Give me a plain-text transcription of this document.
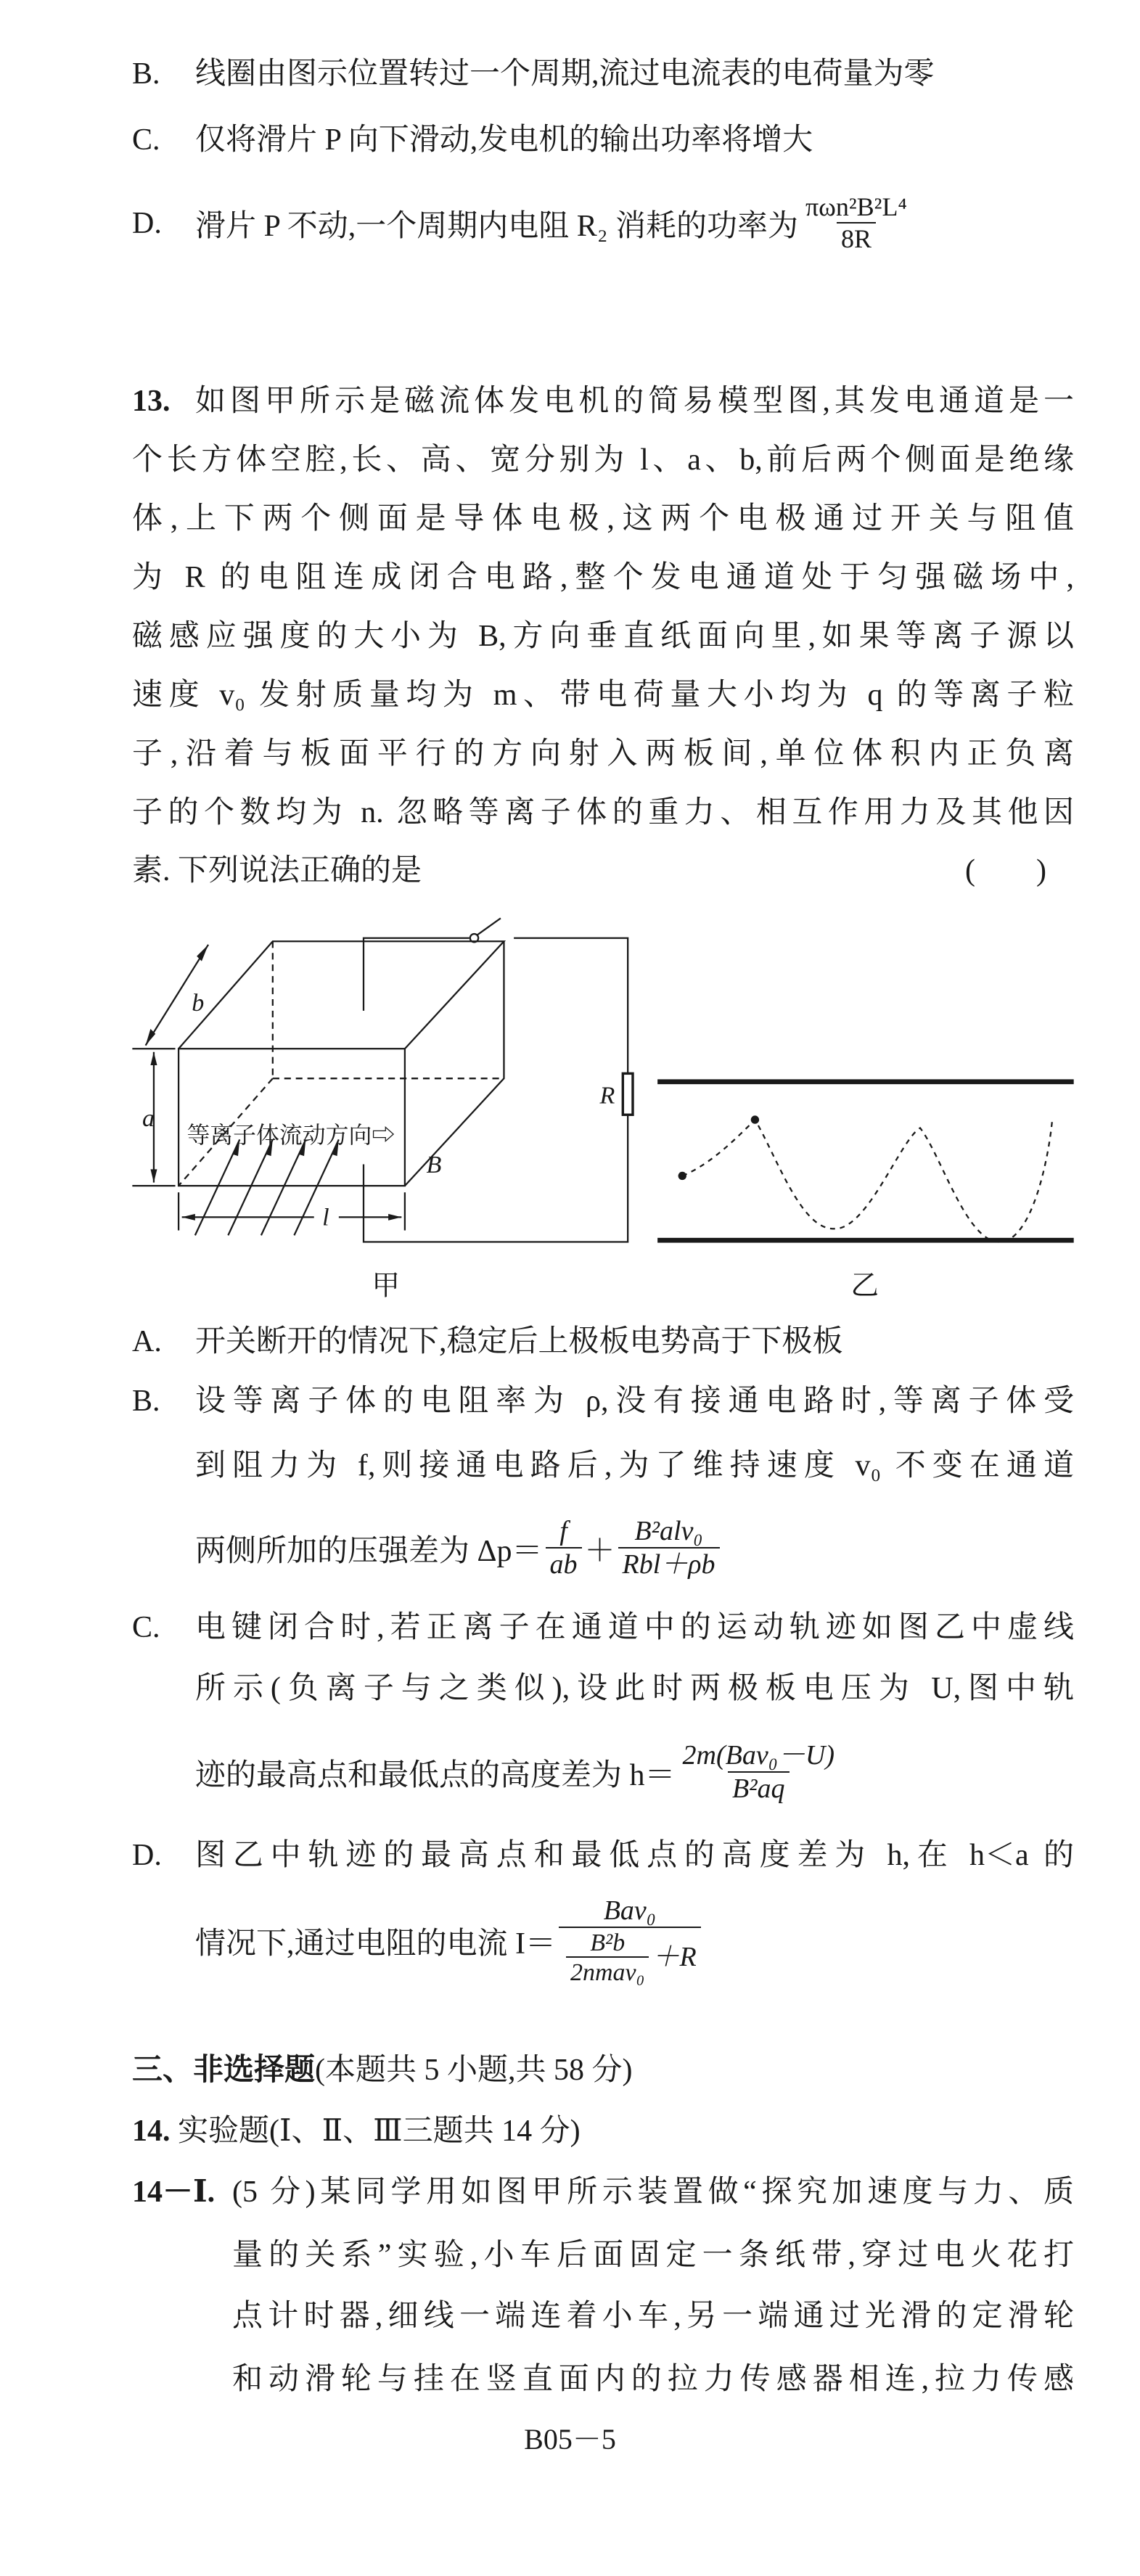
B. 线圈由图示位置转过一个周期,流过电流表的电荷量为零
C. 仅将滑片 P 向下滑动,发电机的输出功率将增大
D. 滑片 P 不动,一个周期内电阻 R₂ 消耗的功率为 $\frac{\text{πωn²B²L⁴}}{8R}$
13. 如图甲所示是磁流体发电机的简易模型图,其发电通道是一
个长方体空腔,长、高、宽分别为 l、a、b,前后两个侧面是绝缘
体,上下两个侧面是导体电极,这两个电极通过开关与阻值
为 R 的电阻连成闭合电路,整个发电通道处于匀强磁场中,
磁感应强度的大小为 B,方向垂直纸面向里,如果等离子源以
速度 v₀ 发射质量均为 m、带电荷量大小均为 q 的等离子粒
子,沿着与板面平行的方向射入两板间,单位体积内正负离
子的个数均为 n. 忽略等离子体的重力、相互作用力及其他因
素. 下列说法正确的是	(　　)
b
a
l
R
B
等离子体流动方向⇨
甲	乙
A. 开关断开的情况下,稳定后上极板电势高于下极板
B. 设等离子体的电阻率为 ρ,没有接通电路时,等离子体受
到阻力为 f,则接通电路后,为了维持速度 v₀ 不变在通道
两侧所加的压强差为 $\Delta p= \frac{f}{ab} + \frac{\text{B²alv₀}}{\text{Rbl＋ρb}}$
C. 电键闭合时,若正离子在通道中的运动轨迹如图乙中虚线
所示(负离子与之类似),设此时两极板电压为 U,图中轨
迹的最高点和最低点的高度差为 $h= \frac{\text{2m(Bav₀－U)}}{\text{B²aq}}$
D. 图乙中轨迹的最高点和最低点的高度差为 h,在 h＜a 的
情况下,通过电阻的电流 $I= \frac{\text{Bav₀}}{\frac{\text{B²b}}{\text{2nmav₀}} +R}$
三、非选择题(本题共 5 小题,共 58 分)
14. 实验题(Ⅰ、Ⅱ、Ⅲ三题共 14 分)
14－Ⅰ. (5 分)某同学用如图甲所示装置做“探究加速度与力、质
量的关系”实验,小车后面固定一条纸带,穿过电火花打
点计时器,细线一端连着小车,另一端通过光滑的定滑轮
和动滑轮与挂在竖直面内的拉力传感器相连,拉力传感
B05－5
